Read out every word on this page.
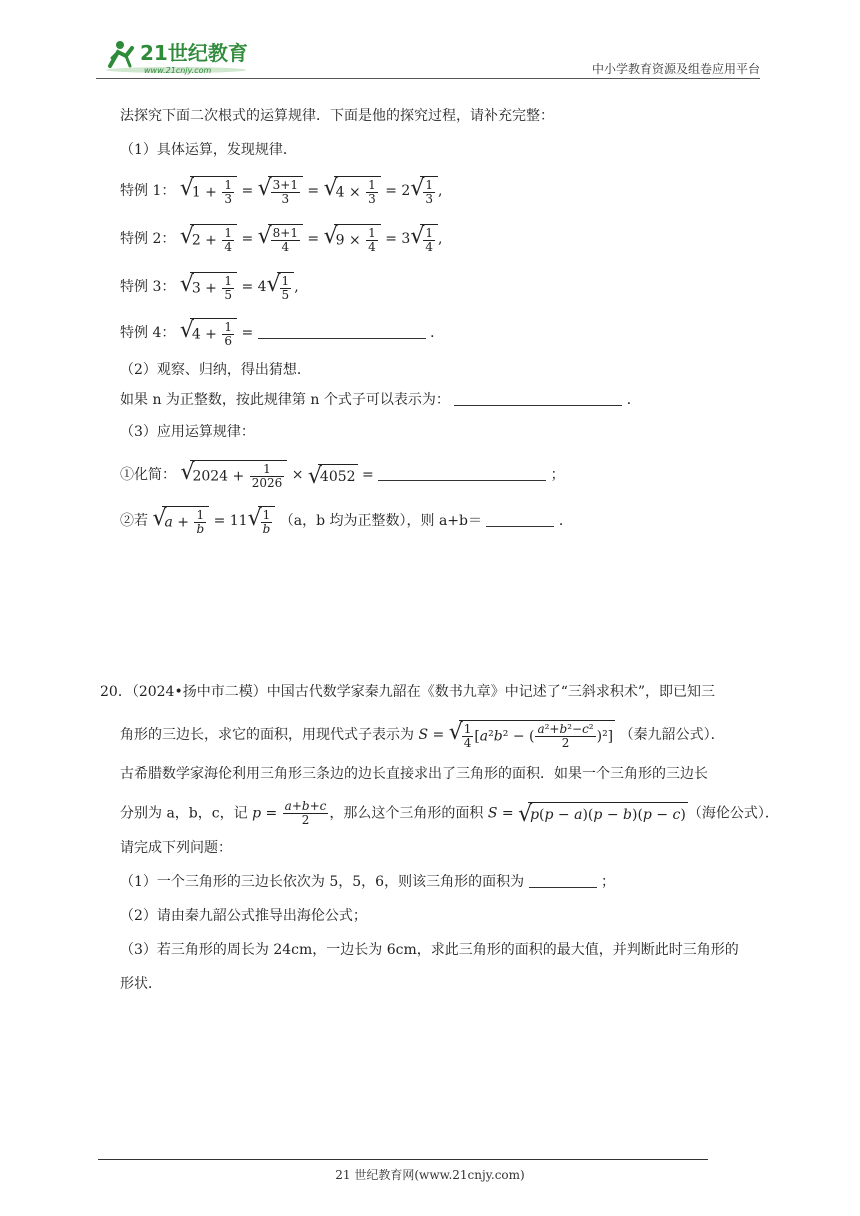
21世纪教育
www.21cnjy.com	中小学教育资源及组卷应用平台
法探究下面二次根式的运算规律．下面是他的探究过程，请补充完整：
（1）具体运算，发现规律．
特例 1： √
$1 + \frac{1}{3}$ = √
$\frac{3+1}{3}$ = √
$4 \times \frac{1}{3} = 2$ √
$\frac{1}{3}$ ,
特例 2： √
$2 + \frac{1}{4}$ = √
$\frac{8+1}{4}$ = √
$9 \times \frac{1}{4} = 3$ √
$\frac{1}{4}$ ,
特例 3： √
$3 + \frac{1}{5} = 4$ √
$\frac{1}{5}$ ,
特例 4： √
$4 + \frac{1}{6}$ =	．
（2）观察、归纳，得出猜想．
如果 n 为正整数，按此规律第 n 个式子可以表示为：	．
（3）应用运算规律：
①化简： √
$2024 + \frac{1}{2026}$ × √
4052 =	；
②若 √
$a + \frac{1}{b} = 11$ √
$\frac{1}{b} (a$，b 均为正整数），则 a+b＝	．
20．（2024•扬中市二模）中国古代数学家秦九韶在《数书九章》中记述了“三斜求积术”，即已知三
角形的三边长，求它的面积，用现代式子表示为 S = √
$\frac{1}{4} [a^2b^2$ − ( $\frac{\text{a²+b²−c²}}{2} )^2$] （秦九韶公式）．
古希腊数学家海伦利用三角形三条边的边长直接求出了三角形的面积．如果一个三角形的三边长
分别为 a，b，c，记 $p = \frac{a+b+c}{2}$ ，那么这个三角形的面积 S = √
p(p − a)(p − b)(p − c) （海伦公式）．
请完成下列问题：
（1）一个三角形的三边长依次为 5，5，6，则该三角形的面积为	；
（2）请由秦九韶公式推导出海伦公式；
（3）若三角形的周长为 24cm，一边长为 6cm，求此三角形的面积的最大值，并判断此时三角形的
形状．
21 世纪教育网(www.21cnjy.com)
